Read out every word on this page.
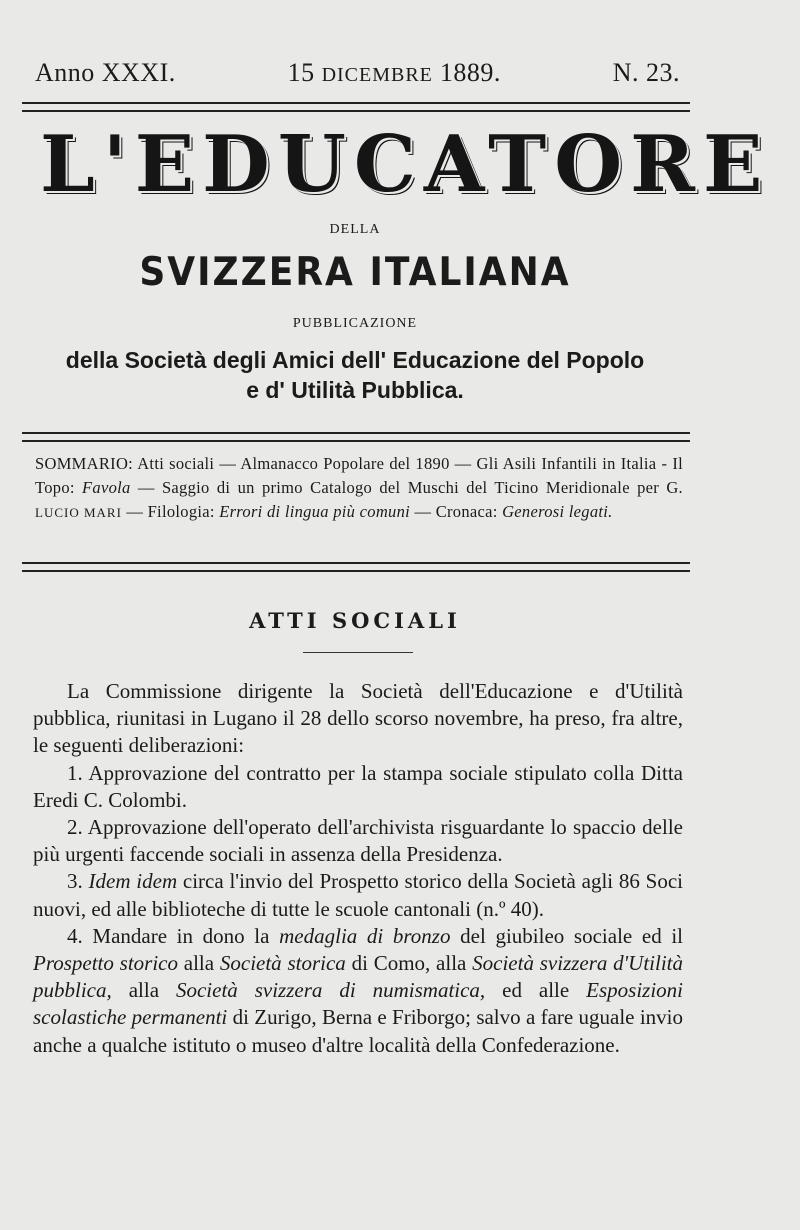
Anno XXXI.	15 DICEMBRE 1889.	N. 23.
L'EDUCATORE
DELLA
SVIZZERA ITALIANA
PUBBLICAZIONE
della Società degli Amici dell' Educazione del Popolo
e d' Utilità Pubblica.
SOMMARIO: Atti sociali — Almanacco Popolare del 1890 — Gli Asili Infantili in Italia - Il Topo: Favola — Saggio di un primo Catalogo del Muschi del Ticino Meridionale per G. LUCIO MARI — Filologia: Errori di lingua più comuni — Cronaca: Generosi legati.
ATTI SOCIALI

La Commissione dirigente la Società dell'Educazione e d'Utilità pubblica, riunitasi in Lugano il 28 dello scorso novembre, ha preso, fra altre, le seguenti deliberazioni:

1. Approvazione del contratto per la stampa sociale stipulato colla Ditta Eredi C. Colombi.

2. Approvazione dell'operato dell'archivista risguardante lo spaccio delle più urgenti faccende sociali in assenza della Presidenza.

3. Idem idem circa l'invio del Prospetto storico della Società agli 86 Soci nuovi, ed alle biblioteche di tutte le scuole cantonali (n.º 40).

4. Mandare in dono la medaglia di bronzo del giubileo sociale ed il Prospetto storico alla Società storica di Como, alla Società svizzera d'Utilità pubblica, alla Società svizzera di numismatica, ed alle Esposizioni scolastiche permanenti di Zurigo, Berna e Friborgo; salvo a fare uguale invio anche a qualche istituto o museo d'altre località della Confederazione.
